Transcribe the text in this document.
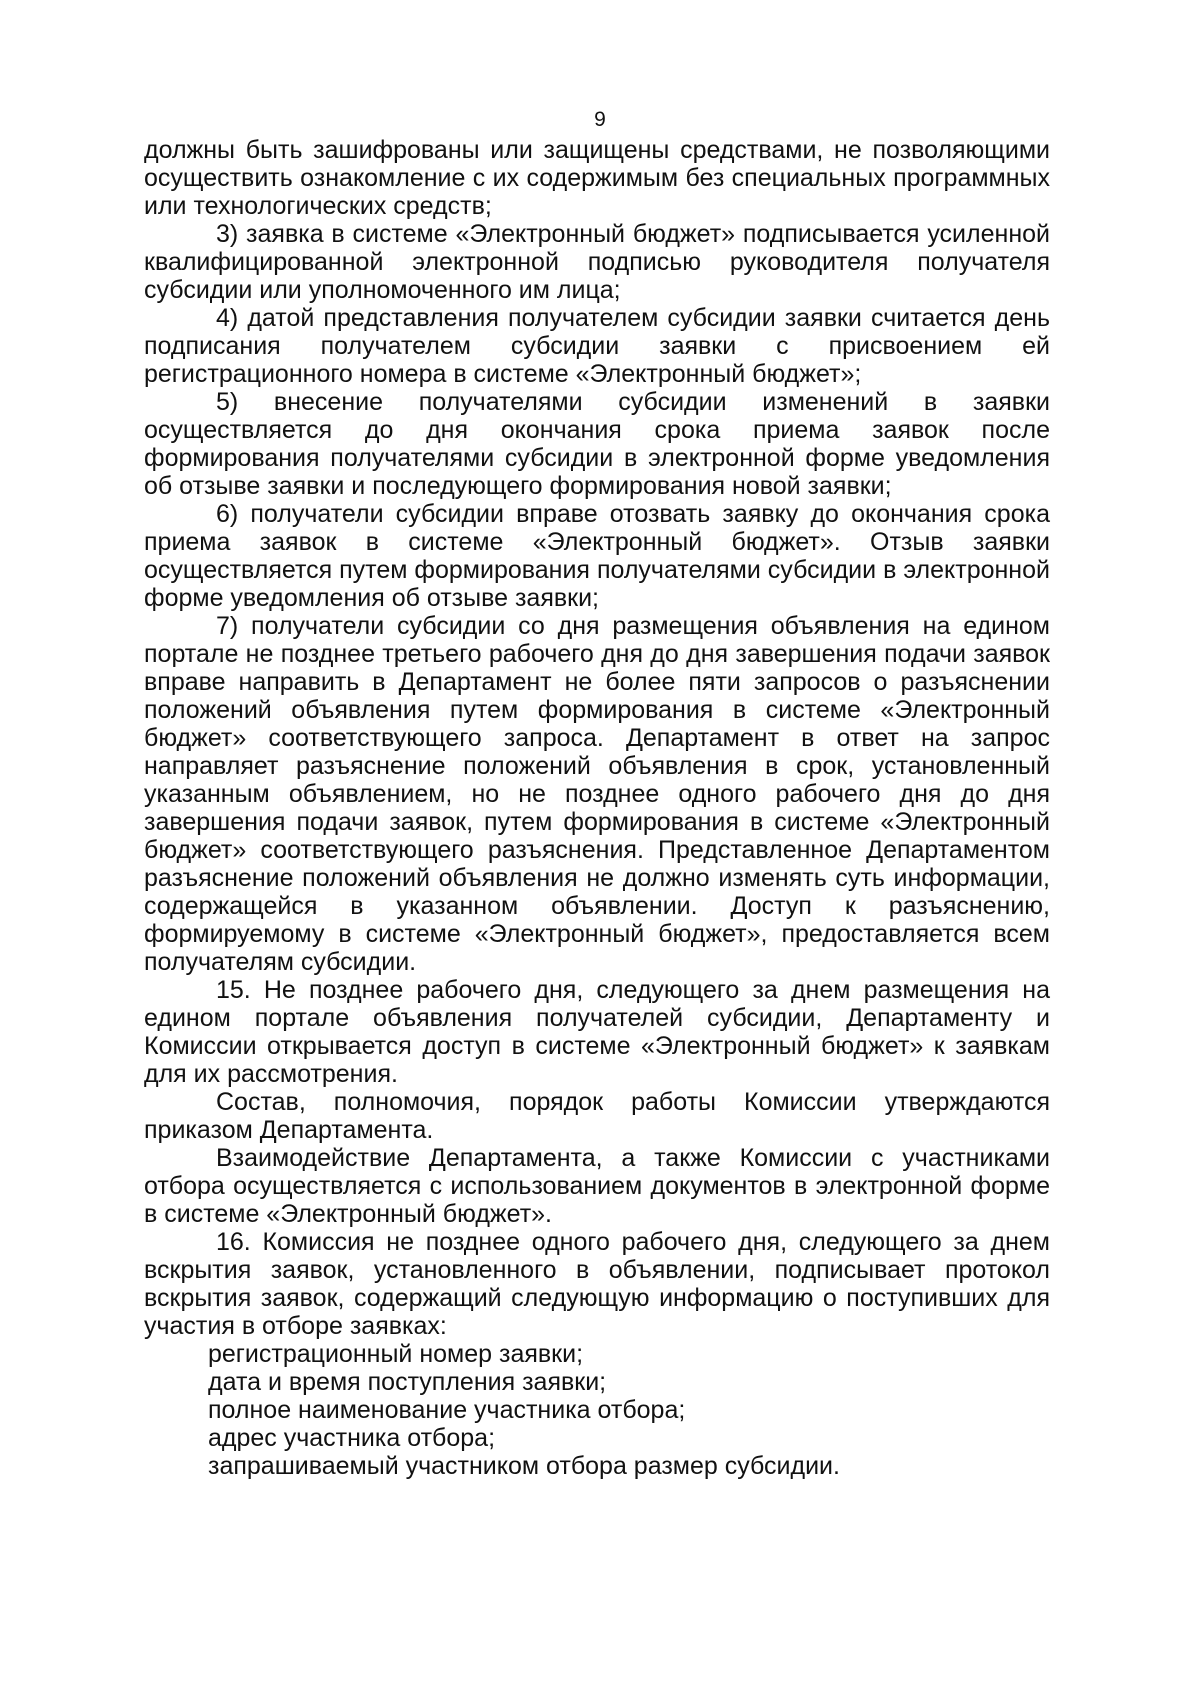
9

должны быть зашифрованы или защищены средствами, не позволяющими осуществить ознакомление с их содержимым без специальных программных или технологических средств;

3) заявка в системе «Электронный бюджет» подписывается усиленной квалифицированной электронной подписью руководителя получателя субсидии или уполномоченного им лица;

4) датой представления получателем субсидии заявки считается день подписания получателем субсидии заявки с присвоением ей регистрационного номера в системе «Электронный бюджет»;

5) внесение получателями субсидии изменений в заявки осуществляется до дня окончания срока приема заявок после формирования получателями субсидии в электронной форме уведомления об отзыве заявки и последующего формирования новой заявки;

6) получатели субсидии вправе отозвать заявку до окончания срока приема заявок в системе «Электронный бюджет». Отзыв заявки осуществляется путем формирования получателями субсидии в электронной форме уведомления об отзыве заявки;

7) получатели субсидии со дня размещения объявления на едином портале не позднее третьего рабочего дня до дня завершения подачи заявок вправе направить в Департамент не более пяти запросов о разъяснении положений объявления путем формирования в системе «Электронный бюджет» соответствующего запроса. Департамент в ответ на запрос направляет разъяснение положений объявления в срок, установленный указанным объявлением, но не позднее одного рабочего дня до дня завершения подачи заявок, путем формирования в системе «Электронный бюджет» соответствующего разъяснения. Представленное Департаментом разъяснение положений объявления не должно изменять суть информации, содержащейся в указанном объявлении. Доступ к разъяснению, формируемому в системе «Электронный бюджет», предоставляется всем получателям субсидии.

15. Не позднее рабочего дня, следующего за днем размещения на едином портале объявления получателей субсидии, Департаменту и Комиссии открывается доступ в системе «Электронный бюджет» к заявкам для их рассмотрения.

Состав, полномочия, порядок работы Комиссии утверждаются приказом Департамента.

Взаимодействие Департамента, а также Комиссии с участниками отбора осуществляется с использованием документов в электронной форме в системе «Электронный бюджет».

16. Комиссия не позднее одного рабочего дня, следующего за днем вскрытия заявок, установленного в объявлении, подписывает протокол вскрытия заявок, содержащий следующую информацию о поступивших для участия в отборе заявках:

регистрационный номер заявки;
дата и время поступления заявки;
полное наименование участника отбора;
адрес участника отбора;
запрашиваемый участником отбора размер субсидии.
